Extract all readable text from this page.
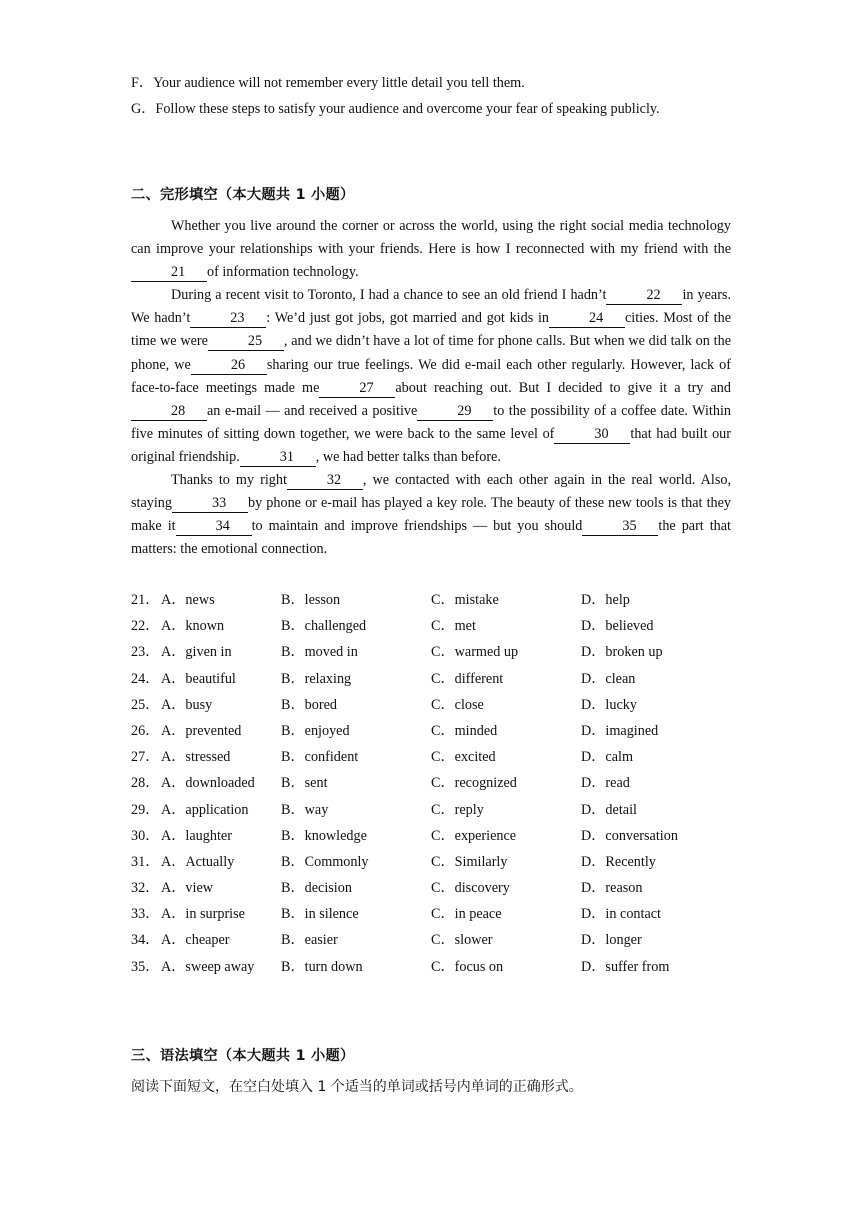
F．Your audience will not remember every little detail you tell them.
G．Follow these steps to satisfy your audience and overcome your fear of speaking publicly.
二、完形填空（本大题共 1 小题）

Whether you live around the corner or across the world, using the right social media technology can improve your relationships with your friends. Here is how I reconnected with my friend with the21 of information technology.

During a recent visit to Toronto, I had a chance to see an old friend I hadn’t	22 in years. We hadn’t	23 : We’d just got jobs, got married and got kids in	24 cities. Most of the time we were	25 , and we didn’t have a lot of time for phone calls. But when we did talk on the phone, we	26 sharing our true feelings. We did e-mail each other regularly. However, lack of face-to-face meetings made me	27 about reaching out. But I decided to give it a try and28 an e-mail — and received a positive	29 to the possibility of a coffee date. Within five minutes of sitting down together, we were back to the same level of	30 that had built our original friendship.	31 , we had better talks than before.

Thanks to my right	32 , we contacted with each other again in the real world. Also, staying	33 by phone or e-mail has played a key role. The beauty of these new tools is that they make it	34 to maintain and improve friendships — but you should	35 the part that matters: the emotional connection.

21． A．news	B．lesson	C．mistake	D．help
22． A．known	B．challenged	C．met	D．believed
23． A．given in	B．moved in	C．warmed up	D．broken up
24． A．beautiful	B．relaxing	C．different	D．clean
25． A．busy	B．bored	C．close	D．lucky
26． A．prevented	B．enjoyed	C．minded	D．imagined
27． A．stressed	B．confident	C．excited	D．calm
28． A．downloaded B．sent	C．recognized	D．read
29． A．application B．way	C．reply	D．detail
30． A．laughter	B．knowledge	C．experience	D．conversation
31． A．Actually	B．Commonly	C．Similarly	D．Recently
32． A．view	B．decision	C．discovery	D．reason
33． A．in surprise	B．in silence	C．in peace	D．in contact
34． A．cheaper	B．easier	C．slower	D．longer
35． A．sweep away B．turn down	C．focus on	D．suffer from
三、语法填空（本大题共 1 小题）
阅读下面短文，在空白处填入 1 个适当的单词或括号内单词的正确形式。
